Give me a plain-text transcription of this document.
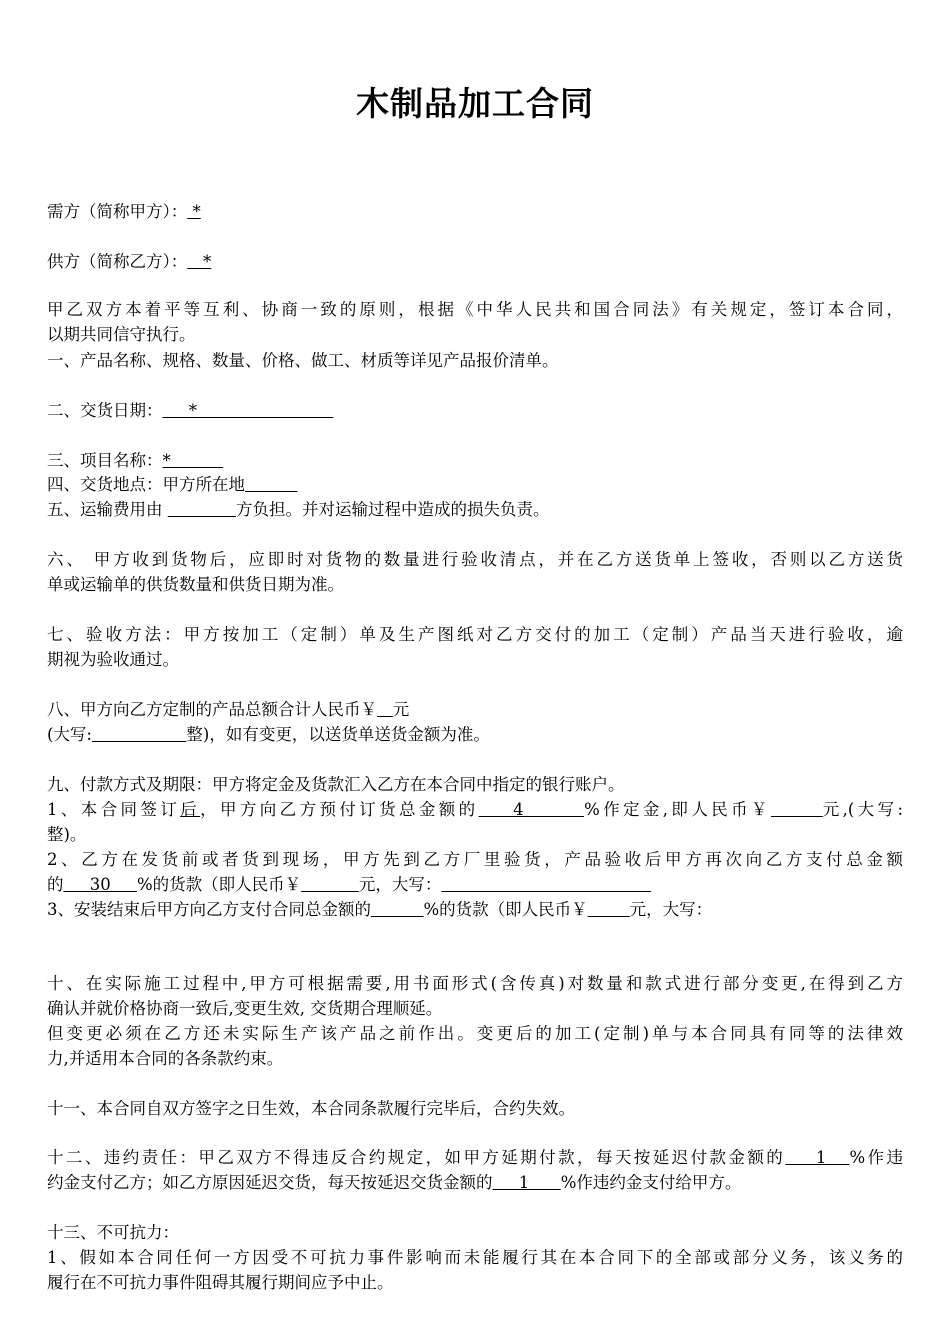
木制品加工合同
需方（简称甲方）： *
供方（简称乙方）：   *
甲乙双方本着平等互利、协商一致的原则，根据《中华人民共和国合同法》有关规定，签订本合同，
以期共同信守执行。
一、产品名称、规格、数量、价格、做工、材质等详见产品报价清单。
二、交货日期：     *
三、项目名称：*
四、交货地点：甲方所在地
五、运输费用由	方负担。并对运输过程中造成的损失负责。
六、 甲方收到货物后，应即时对货物的数量进行验收清点，并在乙方送货单上签收，否则以乙方送货
单或运输单的供货数量和供货日期为准。
七、验收方法：甲方按加工（定制）单及生产图纸对乙方交付的加工（定制）产品当天进行验收，逾
期视为验收通过。
八、甲方向乙方定制的产品总额合计人民币￥ 元
(大写:	整)，如有变更，以送货单送货金额为准。
九、付款方式及期限：甲方将定金及货款汇入乙方在本合同中指定的银行账户。
1、本合同签订后，甲方向乙方预付订货总金额的    4       %作定金,即人民币￥	元,(大写:
整)。
2、乙方在发货前或者货到现场，甲方先到乙方厂里验货，产品验收后甲方再次向乙方支付总金额
的     30     %的货款（即人民币￥	元，大写：
3、安装结束后甲方向乙方支付合同总金额的	%的货款（即人民币￥	元，大写：
十、在实际施工过程中,甲方可根据需要,用书面形式(含传真)对数量和款式进行部分变更,在得到乙方
确认并就价格协商一致后,变更生效, 交货期合理顺延。
但变更必须在乙方还未实际生产该产品之前作出。变更后的加工(定制)单与本合同具有同等的法律效
力,并适用本合同的各条款约束。
十一、本合同自双方签字之日生效，本合同条款履行完毕后，合约失效。
十二、违约责任：甲乙双方不得违反合约规定，如甲方延期付款，每天按延迟付款金额的    1   %作违
约金支付乙方；如乙方原因延迟交货，每天按延迟交货金额的     1      %作违约金支付给甲方。
十三、不可抗力：
1、假如本合同任何一方因受不可抗力事件影响而未能履行其在本合同下的全部或部分义务，该义务的
履行在不可抗力事件阻碍其履行期间应予中止。
